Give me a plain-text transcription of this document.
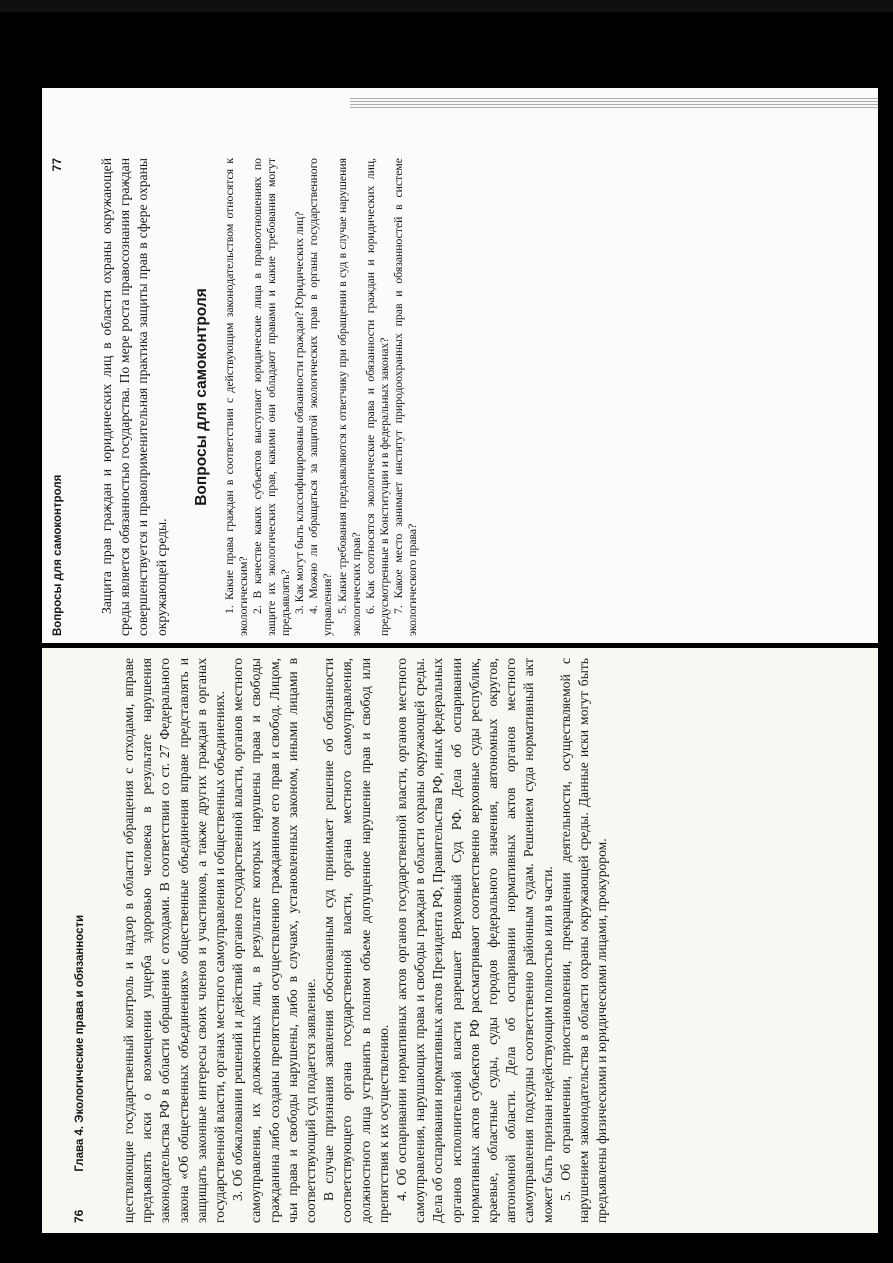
Вопросы для самоконтроля
77	Защита прав граждан и юридических лиц в области охраны окружающей среды является обязанностью государства. По мере роста правосознания граждан совершенствуется и правоприменительная практика защиты прав в сфере охраны окружающей среды.

Вопросы для самоконтроля 1. Какие права граждан в соответствии с действующим законодательством относятся к экологическим? 2. В качестве каких субъектов выступают юридические лица в правоотношениях по защите их экологических прав, какими они обладают правами и какие требования могут предъявлять? 3. Как могут быть классифицированы обязанности граждан? Юридических лиц? 4. Можно ли обращаться за защитой экологических прав в органы государственного управления? 5. Какие требования предъявляются к ответчику при обращении в суд в случае нарушения экологических прав? 6. Как соотносятся экологические права и обязанности граждан и юридических лиц, предусмотренные в Конституции и в федеральных законах? 7. Какое место занимает институт природоохранных прав и обязанностей в системе экологического права?

76
Глава 4. Экологические права и обязанности	ществляющие государственный контроль и надзор в области обращения с отходами, вправе предъявлять иски о возмещении ущерба здоровью человека в результате нарушения законодательства РФ в области обращения с отходами. В соответствии со ст. 27 Федерального закона «Об общественных объединениях» общественные объединения вправе представлять и защищать законные интересы своих членов и участников, а также других граждан в органах государственной власти, органах местного самоуправления и общественных объединениях. 3. Об обжаловании решений и действий органов государственной власти, органов местного самоуправления, их должностных лиц, в результате которых нарушены права и свободы гражданина либо созданы препятствия осуществлению гражданином его прав и свобод. Лицом, чьи права и свободы нарушены, либо в случаях, установленных законом, иными лицами в соответствующий суд подается заявление. В случае признания заявления обоснованным суд принимает решение об обязанности соответствующего органа государственной власти, органа местного самоуправления, должностного лица устранить в полном объеме допущенное нарушение прав и свобод или препятствия к их осуществлению. 4. Об оспаривании нормативных актов органов государственной власти, органов местного самоуправления, нарушающих права и свободы граждан в области охраны окружающей среды. Дела об оспаривании нормативных актов Президента РФ, Правительства РФ, иных федеральных органов исполнительной власти разрешает Верховный Суд РФ. Дела об оспаривании нормативных актов субъектов РФ рассматривают соответственно верховные суды республик, краевые, областные суды, суды городов федерального значения, автономных округов, автономной области. Дела об оспаривании нормативных актов органов местного самоуправления подсудны соответственно районным судам. Решением суда нормативный акт может быть признан недействующим полностью или в части. 5. Об ограничении, приостановлении, прекращении деятельности, осуществляемой с нарушением законодательства в области охраны окружающей среды. Данные иски могут быть предъявлены физическими и юридическими лицами, прокурором.
